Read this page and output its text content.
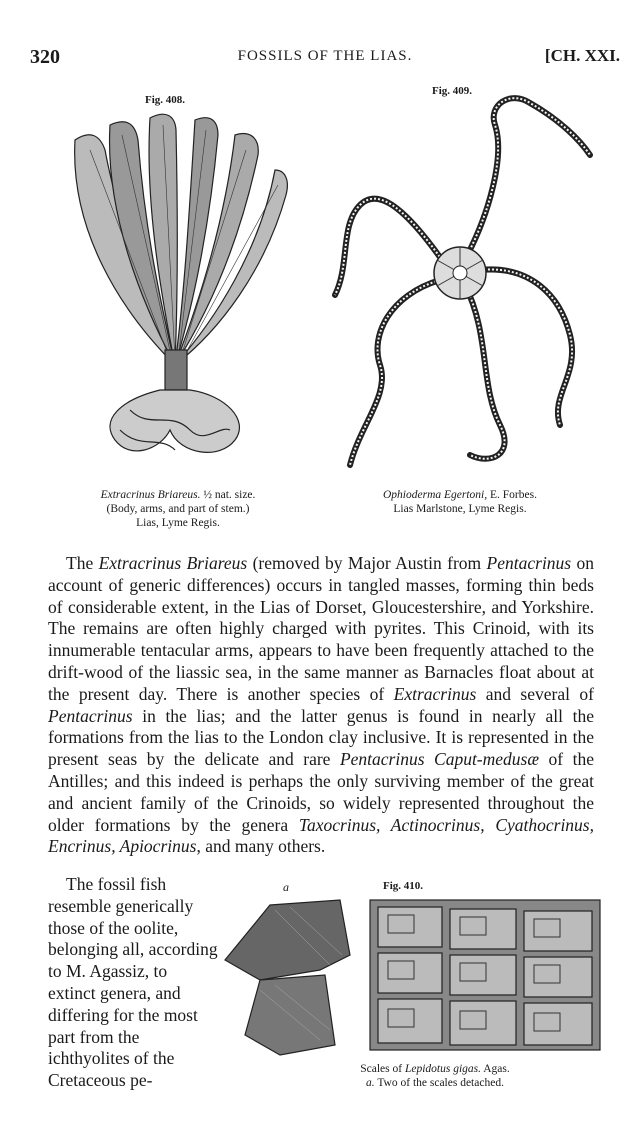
320	FOSSILS OF THE LIAS.	[CH. XXI.
Fig. 408.
Fig. 409.
Extracrinus Briareus. ½ nat. size.
(Body, arms, and part of stem.)
Lias, Lyme Regis.
Ophioderma Egertoni, E. Forbes.
Lias Marlstone, Lyme Regis.

The Extracrinus Briareus (removed by Major Austin from Pentacrinus on account of generic differences) occurs in tangled masses, forming thin beds of considerable extent, in the Lias of Dorset, Gloucestershire, and Yorkshire. The remains are often highly charged with pyrites. This Crinoid, with its innumerable tentacular arms, appears to have been frequently attached to the drift-wood of the liassic sea, in the same manner as Barnacles float about at the present day. There is another species of Extracrinus and several of Pentacrinus in the lias; and the latter genus is found in nearly all the formations from the lias to the London clay inclusive. It is represented in the present seas by the delicate and rare Pentacrinus Caput-medusæ of the Antilles; and this indeed is perhaps the only surviving member of the great and ancient family of the Crinoids, so widely represented throughout the older formations by the genera Taxocrinus, Actinocrinus, Cyathocrinus, Encrinus, Apiocrinus, and many others.

The fossil fish resemble generically those of the oolite, belonging all, according to M. Agassiz, to extinct genera, and differing for the most part from the ichthyolites of the Cretaceous pe-

a	Fig. 410.
Scales of Lepidotus gigas. Agas.
a. Two of the scales detached.
